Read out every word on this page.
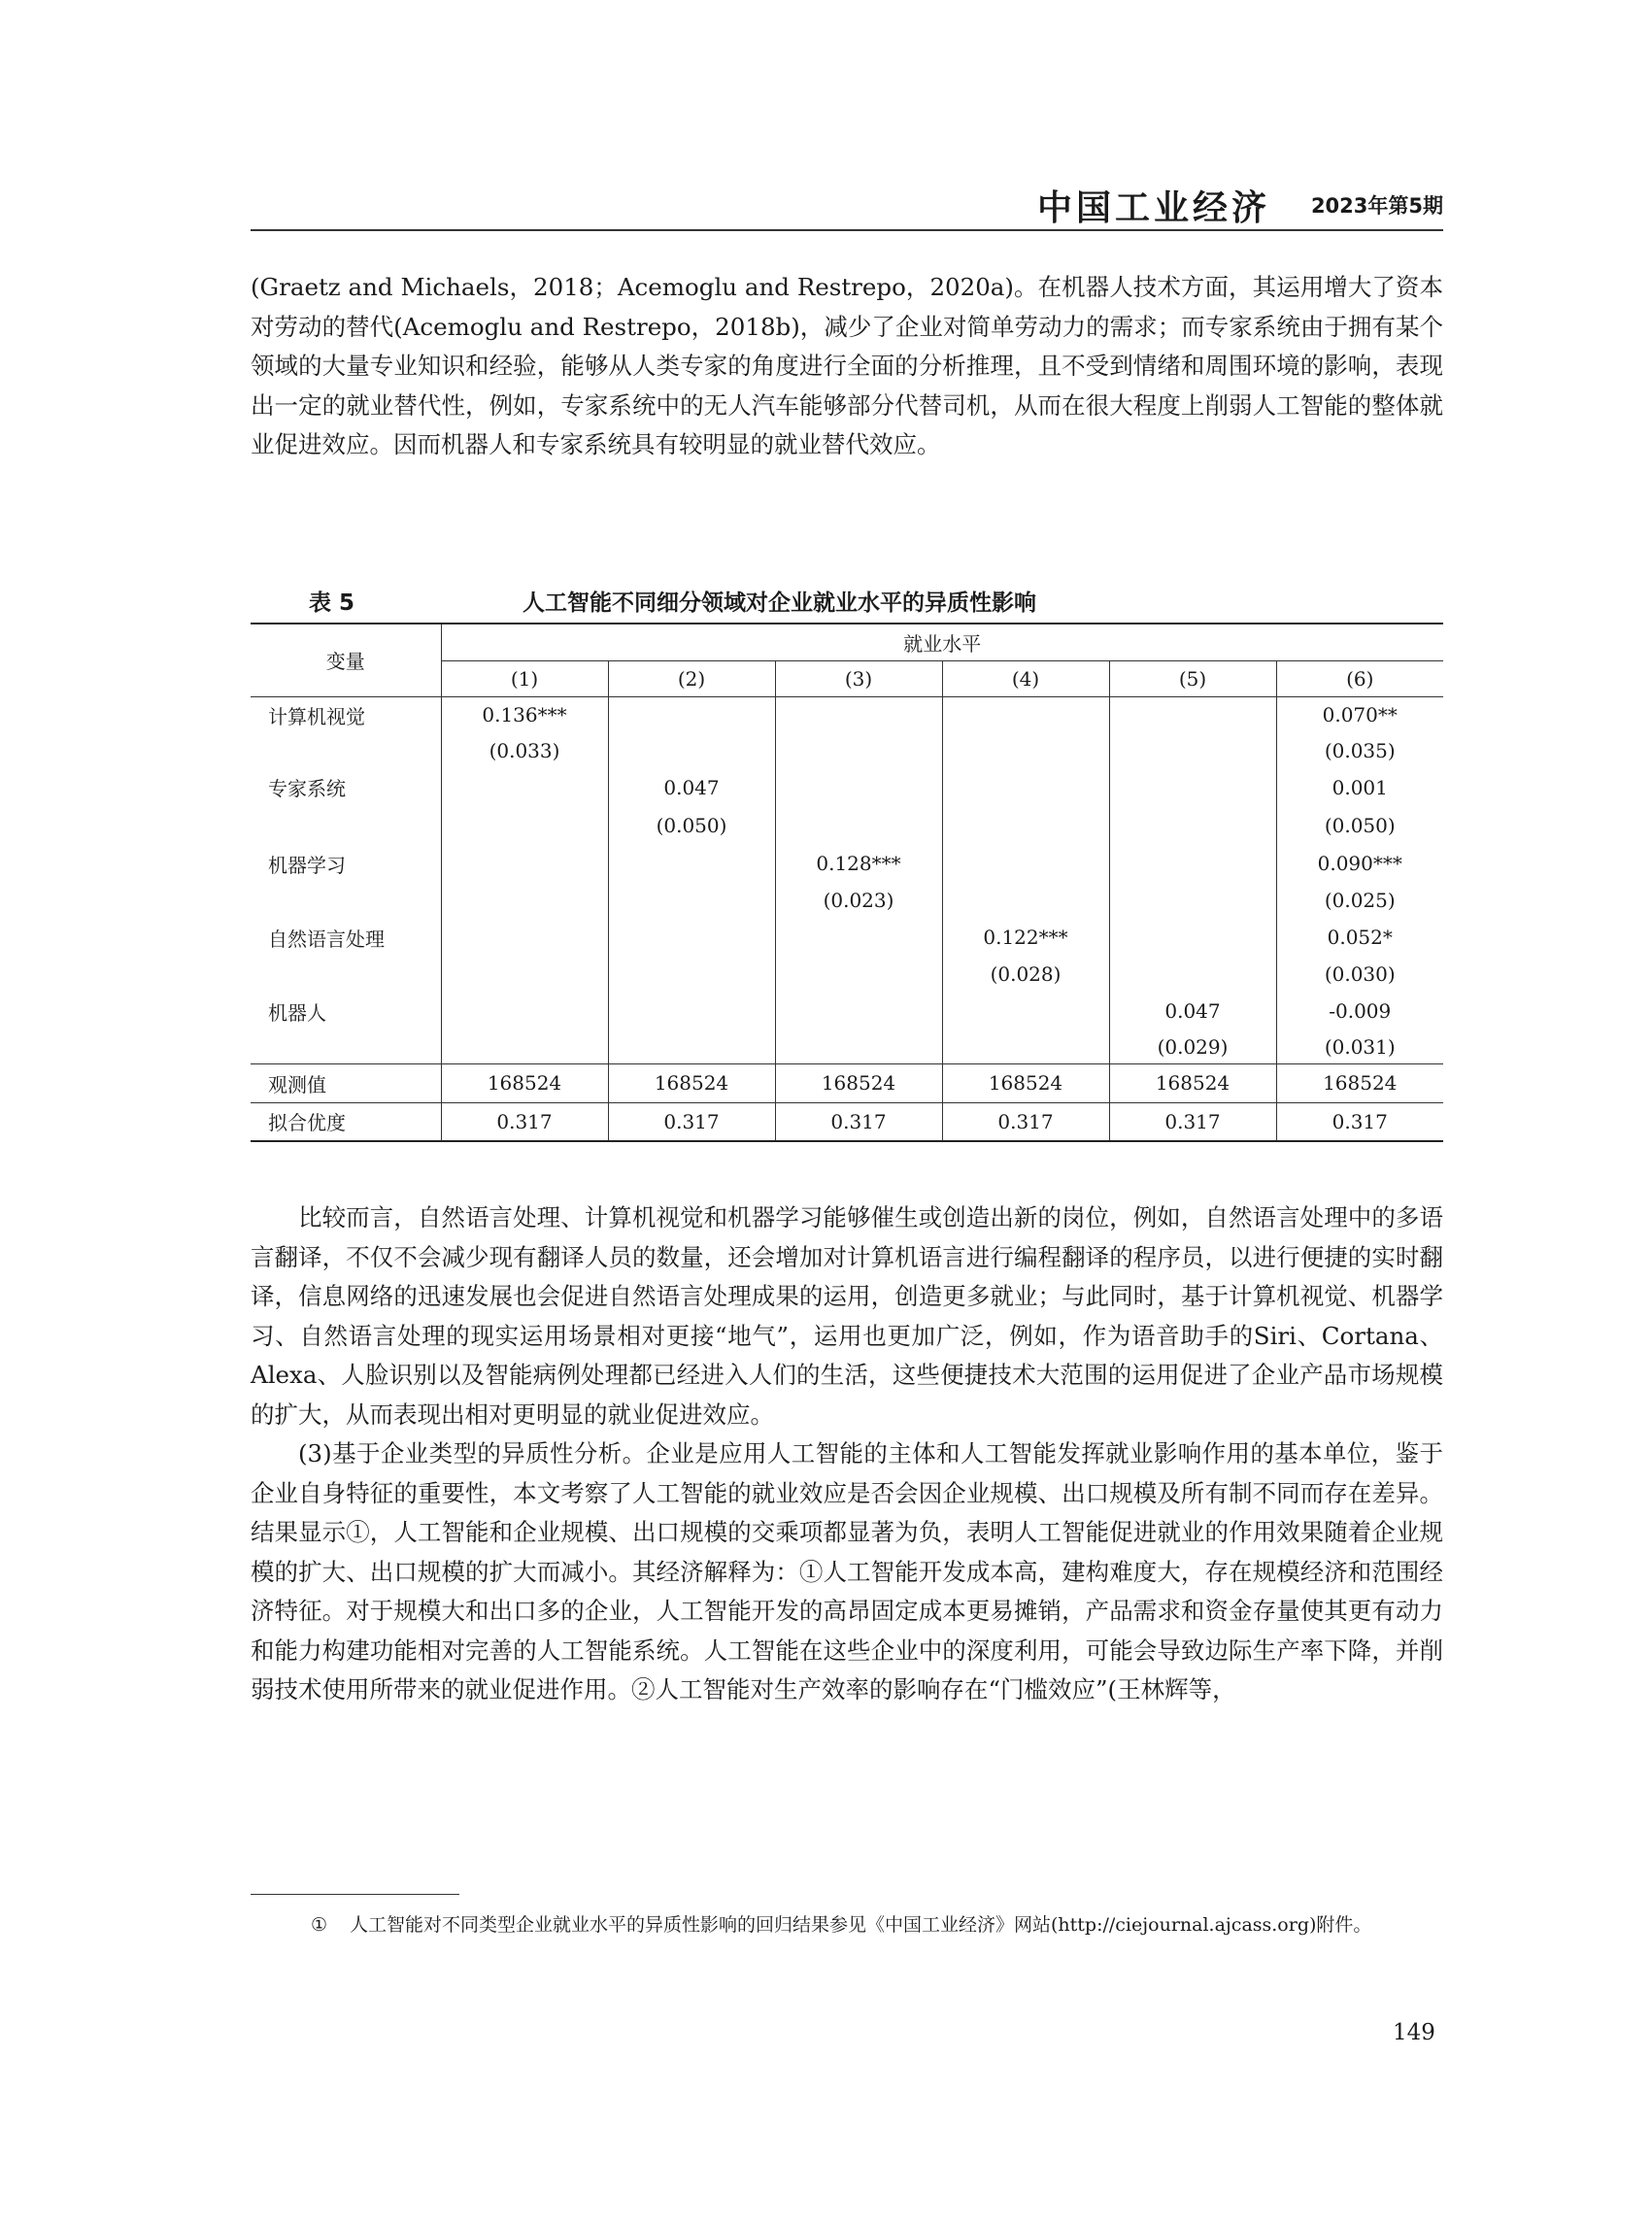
中国工业经济 2023年第5期

(Graetz and Michaels，2018；Acemoglu and Restrepo，2020a)。在机器人技术方面，其运用增大了资本对劳动的替代(Acemoglu and Restrepo，2018b)，减少了企业对简单劳动力的需求；而专家系统由于拥有某个领域的大量专业知识和经验，能够从人类专家的角度进行全面的分析推理，且不受到情绪和周围环境的影响，表现出一定的就业替代性，例如，专家系统中的无人汽车能够部分代替司机，从而在很大程度上削弱人工智能的整体就业促进效应。因而机器人和专家系统具有较明显的就业替代效应。

表 5	人工智能不同细分领域对企业就业水平的异质性影响
变量	就业水平					
	(1)	(2)	(3)	(4)	(5)	(6)
计算机视觉	0.136***					0.070**
	(0.033)					(0.035)
专家系统		0.047				0.001
		(0.050)				(0.050)
机器学习			0.128***			0.090***
			(0.023)			(0.025)
自然语言处理				0.122***		0.052*
				(0.028)		(0.030)
机器人					0.047	-0.009
					(0.029)	(0.031)
观测值	168524	168524	168524	168524	168524	168524
拟合优度	0.317	0.317	0.317	0.317	0.317	0.317

比较而言，自然语言处理、计算机视觉和机器学习能够催生或创造出新的岗位，例如，自然语言处理中的多语言翻译，不仅不会减少现有翻译人员的数量，还会增加对计算机语言进行编程翻译的程序员，以进行便捷的实时翻译，信息网络的迅速发展也会促进自然语言处理成果的运用，创造更多就业；与此同时，基于计算机视觉、机器学习、自然语言处理的现实运用场景相对更接“地气”，运用也更加广泛，例如，作为语音助手的Siri、Cortana、Alexa、人脸识别以及智能病例处理都已经进入人们的生活，这些便捷技术大范围的运用促进了企业产品市场规模的扩大，从而表现出相对更明显的就业促进效应。

(3)基于企业类型的异质性分析。企业是应用人工智能的主体和人工智能发挥就业影响作用的基本单位，鉴于企业自身特征的重要性，本文考察了人工智能的就业效应是否会因企业规模、出口规模及所有制不同而存在差异。结果显示①，人工智能和企业规模、出口规模的交乘项都显著为负，表明人工智能促进就业的作用效果随着企业规模的扩大、出口规模的扩大而减小。其经济解释为：①人工智能开发成本高，建构难度大，存在规模经济和范围经济特征。对于规模大和出口多的企业，人工智能开发的高昂固定成本更易摊销，产品需求和资金存量使其更有动力和能力构建功能相对完善的人工智能系统。人工智能在这些企业中的深度利用，可能会导致边际生产率下降，并削弱技术使用所带来的就业促进作用。②人工智能对生产效率的影响存在“门槛效应”(王林辉等，

① 人工智能对不同类型企业就业水平的异质性影响的回归结果参见《中国工业经济》网站(http://ciejournal.ajcass.org)附件。
149
